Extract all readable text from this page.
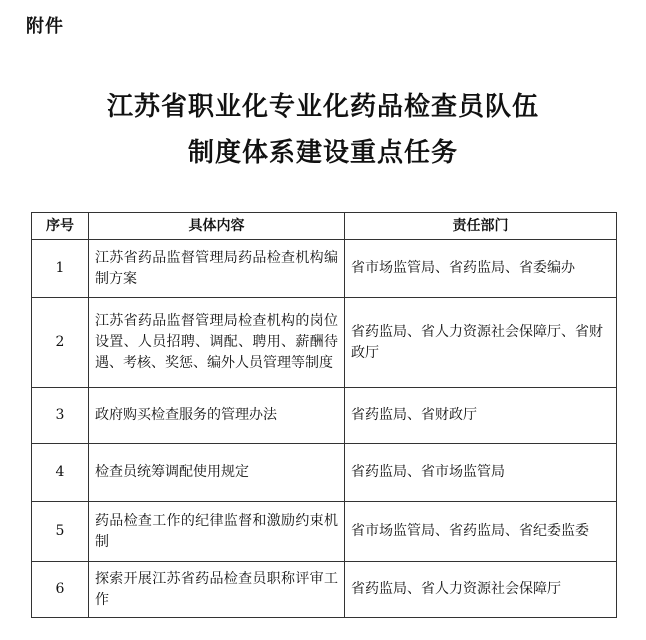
附件
江苏省职业化专业化药品检查员队伍
制度体系建设重点任务
序号	具体内容	责任部门
1	江苏省药品监督管理局药品检查机构编制方案	省市场监管局、省药监局、省委编办
2	江苏省药品监督管理局检查机构的岗位设置、人员招聘、调配、聘用、薪酬待遇、考核、奖惩、编外人员管理等制度	省药监局、省人力资源社会保障厅、省财政厅
3	政府购买检查服务的管理办法	省药监局、省财政厅
4	检查员统筹调配使用规定	省药监局、省市场监管局
5	药品检查工作的纪律监督和激励约束机制	省市场监管局、省药监局、省纪委监委
6	探索开展江苏省药品检查员职称评审工作	省药监局、省人力资源社会保障厅
